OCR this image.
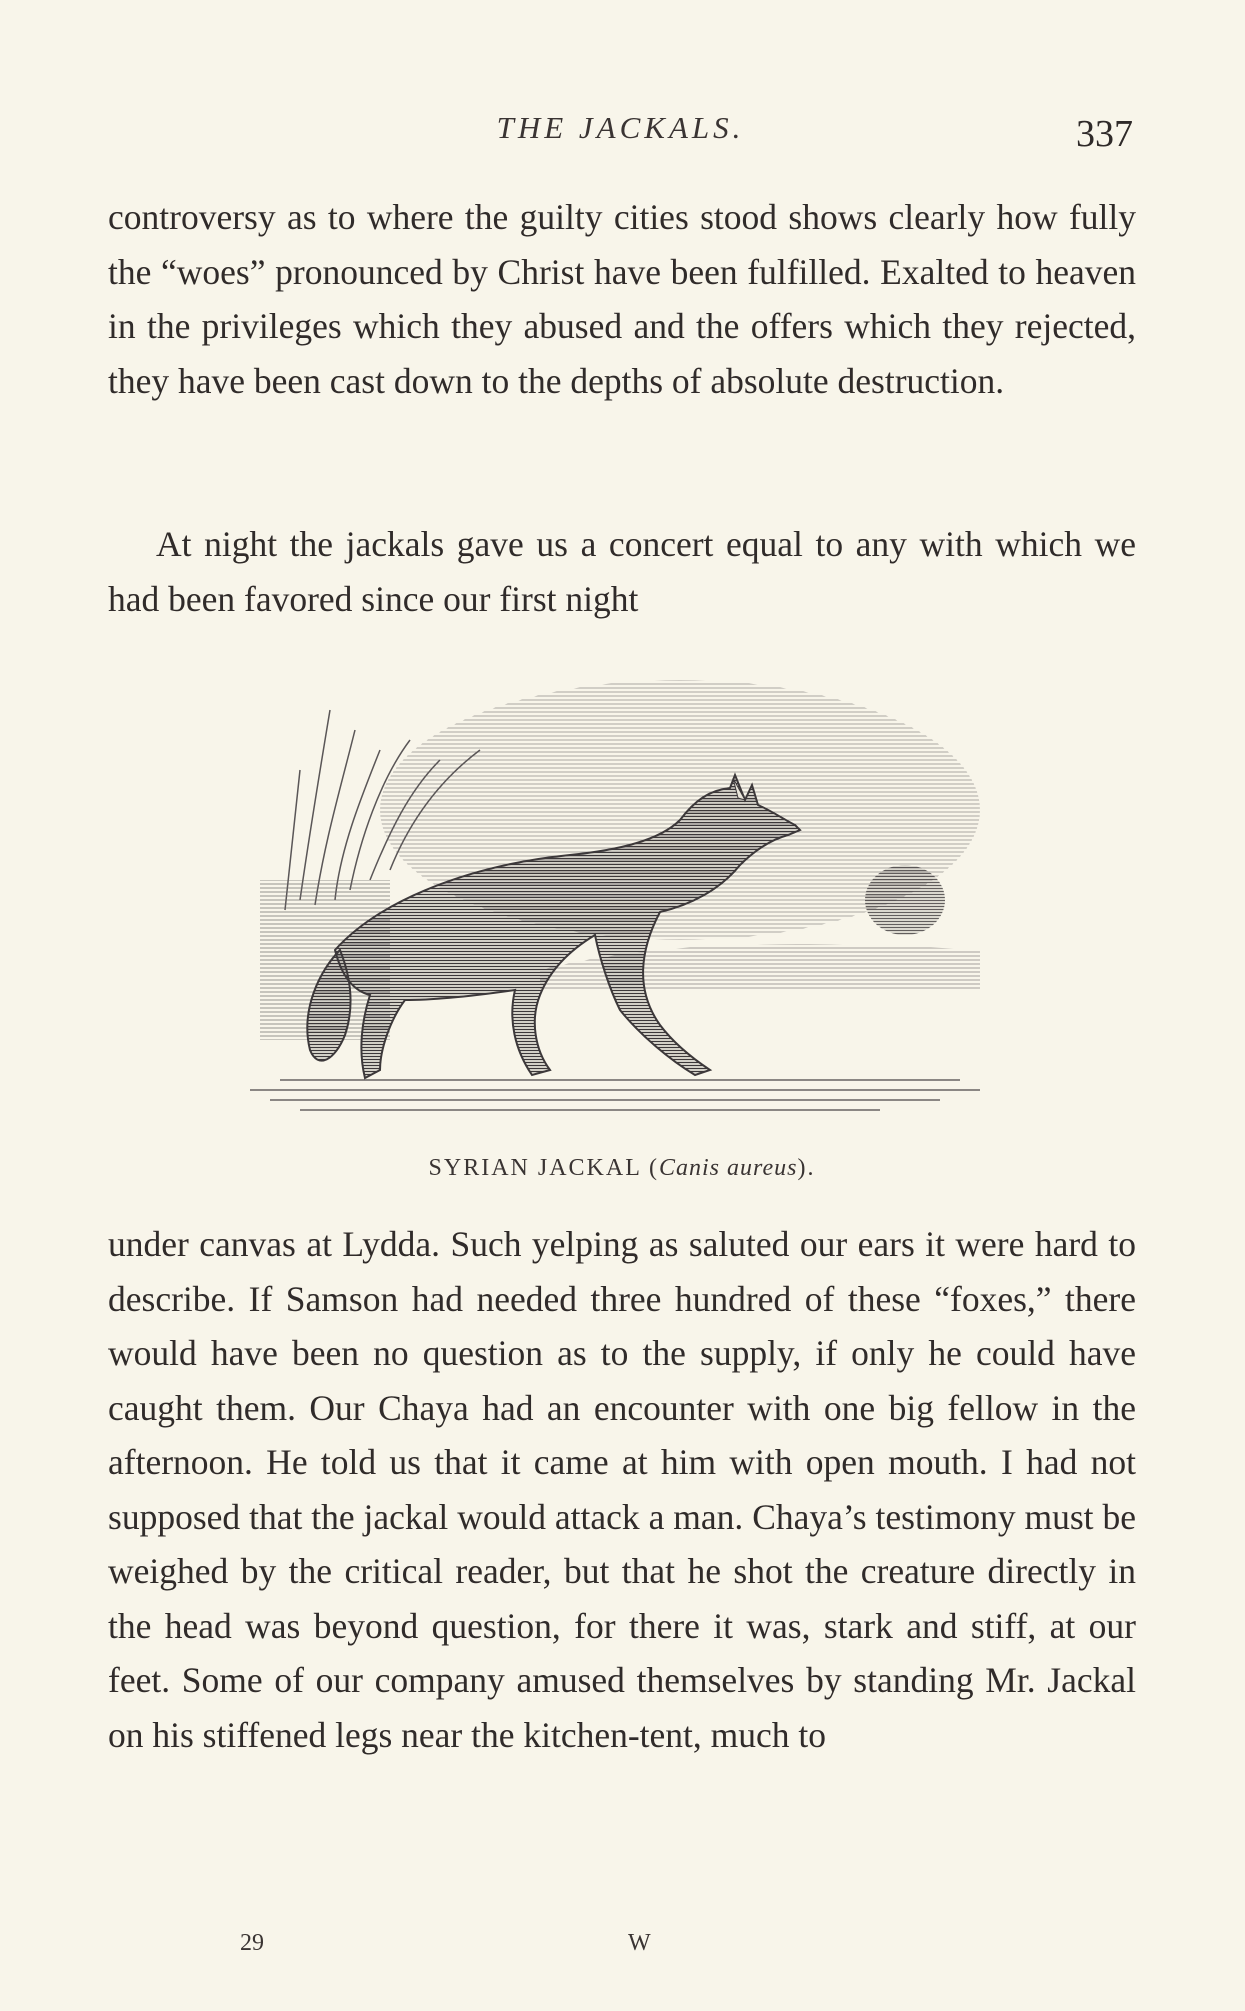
THE JACKALS.	337

controversy as to where the guilty cities stood shows clearly how fully the “woes” pronounced by Christ have been fulfilled. Exalted to heaven in the privileges which they abused and the offers which they rejected, they have been cast down to the depths of absolute destruction.

At night the jackals gave us a concert equal to any with which we had been favored since our first night

SYRIAN JACKAL (Canis aureus).

under canvas at Lydda. Such yelping as saluted our ears it were hard to describe. If Samson had needed three hundred of these “foxes,” there would have been no question as to the supply, if only he could have caught them. Our Chaya had an encounter with one big fellow in the afternoon. He told us that it came at him with open mouth. I had not supposed that the jackal would attack a man. Chaya’s testimony must be weighed by the critical reader, but that he shot the creature directly in the head was beyond question, for there it was, stark and stiff, at our feet. Some of our company amused themselves by standing Mr. Jackal on his stiffened legs near the kitchen-tent, much to

29	W
